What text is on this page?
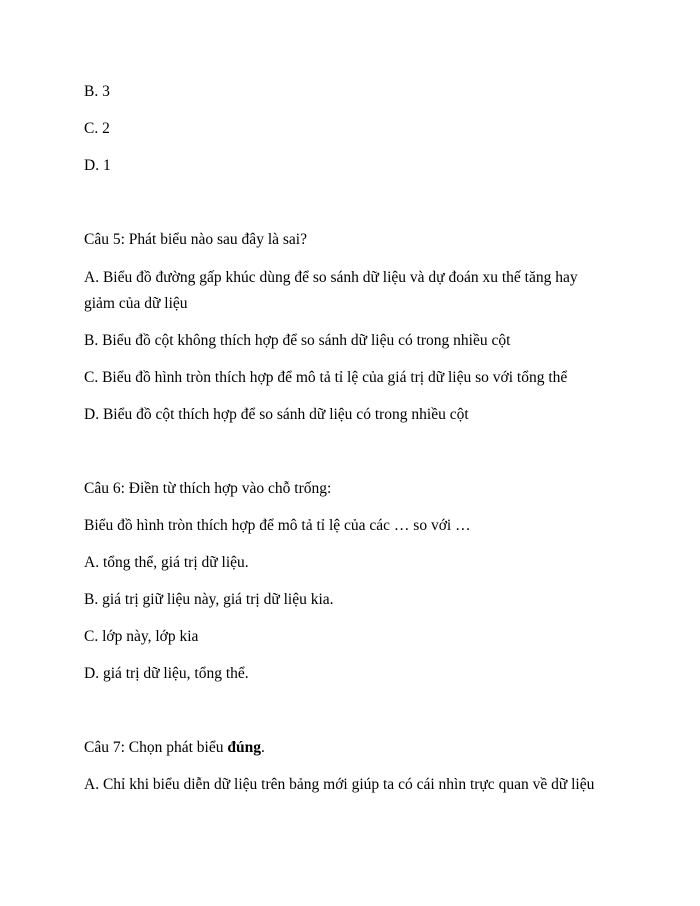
B. 3
C. 2
D. 1
Câu 5: Phát biểu nào sau đây là sai?
A. Biểu đồ đường gấp khúc dùng để so sánh dữ liệu và dự đoán xu thế tăng hay
giảm của dữ liệu
B. Biểu đồ cột không thích hợp để so sánh dữ liệu có trong nhiều cột
C. Biểu đồ hình tròn thích hợp để mô tả tỉ lệ của giá trị dữ liệu so với tổng thể
D. Biểu đồ cột thích hợp để so sánh dữ liệu có trong nhiều cột
Câu 6: Điền từ thích hợp vào chỗ trống:
Biểu đồ hình tròn thích hợp để mô tả tỉ lệ của các … so với …
A. tổng thể, giá trị dữ liệu.
B. giá trị giữ liệu này, giá trị dữ liệu kia.
C. lớp này, lớp kia
D. giá trị dữ liệu, tổng thể.
Câu 7: Chọn phát biểu đúng.
A. Chỉ khi biểu diễn dữ liệu trên bảng mới giúp ta có cái nhìn trực quan về dữ liệu
